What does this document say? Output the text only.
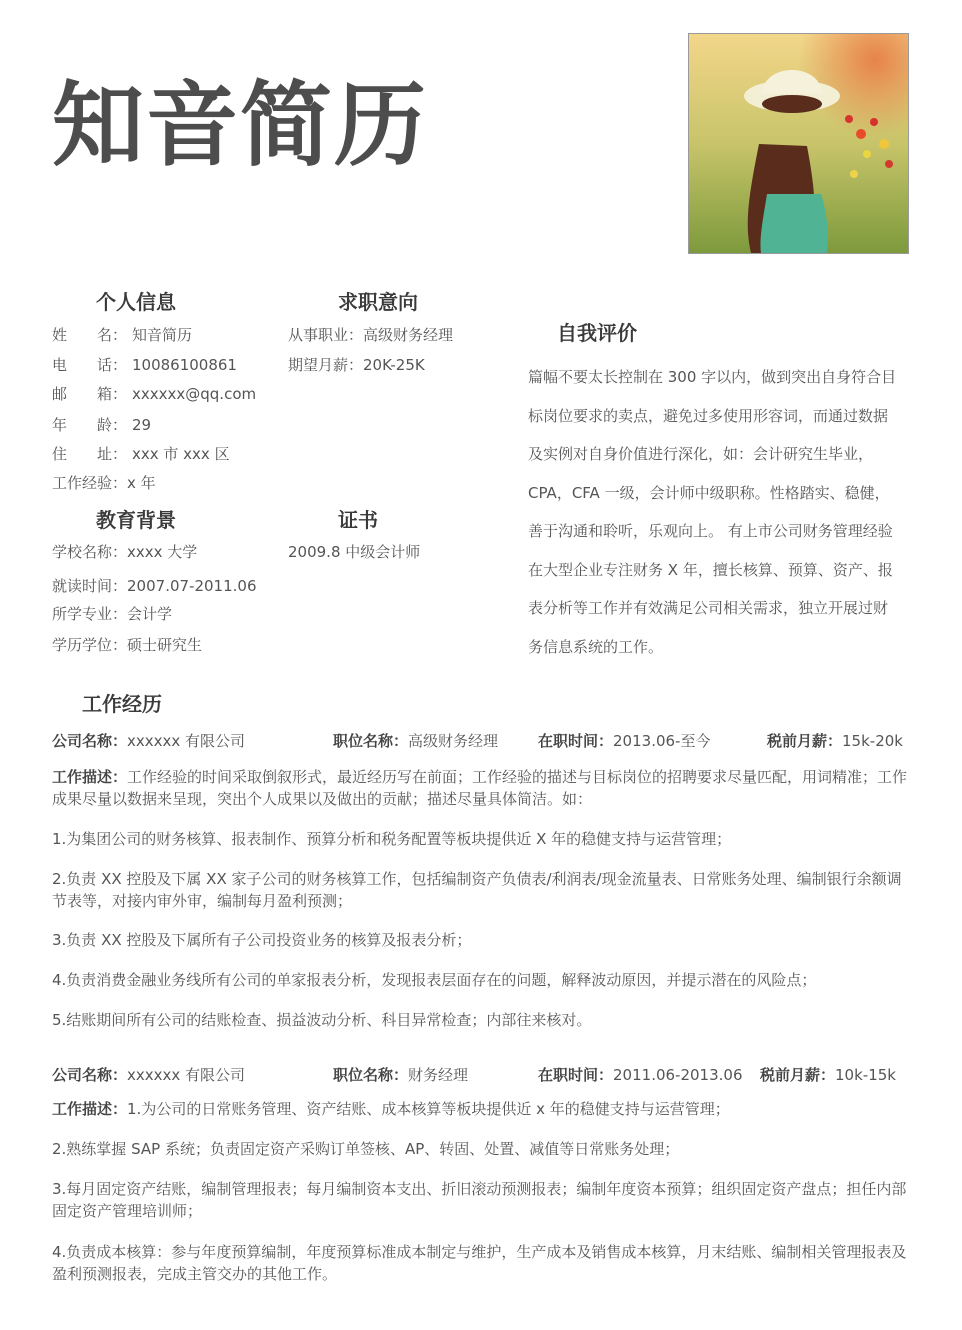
知音简历
个人信息
姓　　名： 知音简历
电　　话： 10086100861
邮　　箱： xxxxxx@qq.com
年　　龄： 29
住　　址： xxx 市 xxx 区
工作经验：x 年
求职意向
从事职业：高级财务经理
期望月薪：20K-25K
自我评价
篇幅不要太长控制在 300 字以内，做到突出自身符合目标岗位要求的卖点，避免过多使用形容词，而通过数据及实例对自身价值进行深化，如：会计研究生毕业，CPA，CFA 一级，会计师中级职称。性格踏实、稳健，善于沟通和聆听，乐观向上。 有上市公司财务管理经验 在大型企业专注财务 X 年，擅长核算、预算、资产、报表分析等工作并有效满足公司相关需求，独立开展过财务信息系统的工作。
教育背景
学校名称：xxxx 大学
就读时间：2007.07-2011.06
所学专业：会计学
学历学位：硕士研究生
证书
2009.8 中级会计师
工作经历
公司名称：xxxxxx 有限公司	职位名称：高级财务经理	在职时间：2013.06-至今	税前月薪：15k-20k
工作描述：工作经验的时间采取倒叙形式，最近经历写在前面；工作经验的描述与目标岗位的招聘要求尽量匹配，用词精准；工作成果尽量以数据来呈现，突出个人成果以及做出的贡献；描述尽量具体简洁。如：
1.为集团公司的财务核算、报表制作、预算分析和税务配置等板块提供近 X 年的稳健支持与运营管理；
2.负责 XX 控股及下属 XX 家子公司的财务核算工作，包括编制资产负债表/利润表/现金流量表、日常账务处理、编制银行余额调节表等，对接内审外审，编制每月盈利预测；
3.负责 XX 控股及下属所有子公司投资业务的核算及报表分析；
4.负责消费金融业务线所有公司的单家报表分析，发现报表层面存在的问题，解释波动原因，并提示潜在的风险点；
5.结账期间所有公司的结账检查、损益波动分析、科目异常检查；内部往来核对。
公司名称：xxxxxx 有限公司	职位名称：财务经理	在职时间：2011.06-2013.06 税前月薪：10k-15k
工作描述：1.为公司的日常账务管理、资产结账、成本核算等板块提供近 x 年的稳健支持与运营管理；
2.熟练掌握 SAP 系统；负责固定资产采购订单签核、AP、转固、处置、减值等日常账务处理；
3.每月固定资产结账，编制管理报表；每月编制资本支出、折旧滚动预测报表；编制年度资本预算；组织固定资产盘点；担任内部固定资产管理培训师；
4.负责成本核算：参与年度预算编制，年度预算标准成本制定与维护，生产成本及销售成本核算，月末结账、编制相关管理报表及盈利预测报表，完成主管交办的其他工作。
